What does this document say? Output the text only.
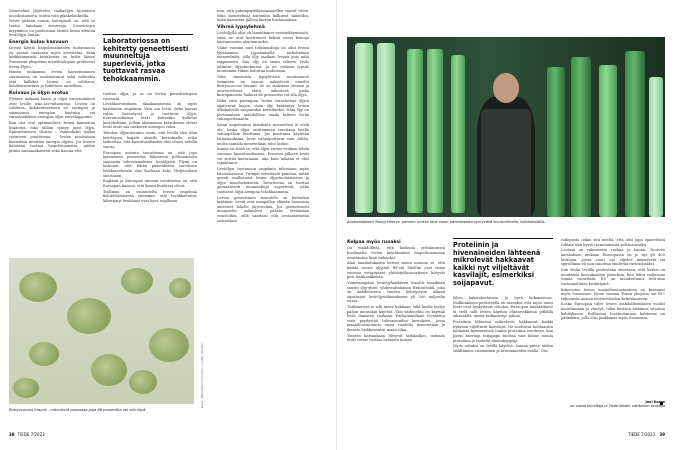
Menetelmä jäljittelee raakaöljyn luontaista muodostumista, mutta vain pikakelauksella.

Neste jatkoon suurin haittapuoli on, että se tuotta laimkaan sivutrtuja. Sivuvirtojen myyminen on puolestaan tärkeä keino alentaa levälöljyn hintaa.

Energia kuluu kasvuun

Levien käyttö biopolttoaineiden tuotannossa on saanut osakseen myös arvostelua. Erää kärkkäimmistä kriitikoista on britti läinen Swansean yliopiston merribiologian professori Kevin Flynn.

Hänen mukaansa levien kasvattaminen suurimassa on osoittautunut sekä vaikeaksi että kalliiksi. Levien on valittava, kohdentavattava ja tutkittava uudelleen.

Kuivaus ja öljyn erotus

Flynnin mukaan kasvu ja öljyn varastoiminen ovat leville joko–tai-valtiointoja. Levien on valittava, kohdentavattava ne auringon ja saamaansa energian kasvuun vai varastoidaksen energiaa öljyn rasvahappoina.

Kun olot ovat optimaaliset, levien kannattaa lisääntyä, eikä tällöin syntyy juuri öljyä. Epäsuotuisissa oloissa – esimerkiksi jonkin ravinteen puuttuessa – levien puolestaan kannattaa muuttaa energia öljyksi. Jos levistä halutaan tuottaa biopolttoainetta, niiden pitäisi samanaikaisesti sekä kasvaa että

Laboratoriossa on kehitetty geneettisesti muunneltuja superleviä, jotka tuottavat rasvaa tehokkaammin.

tuottaa öljyä, ja se on levien perusbiologian vastaista.

Levähkasvatuksen skaalaamisessa on myös käytännön ongelmia. Vain osa leviä, jotka kasvat valoa, lisääntyvät ja tuottavat öljyä. Kasvatusaltaissa levät kuitenkin kolluvat korroksittain, jolloin alimmaissa kerroksissa olevat levät eivät saa osakseen auringon valoa.

Tehokas öljyntuotanto vaatii, että levillä olisi tilaa levittäytyä laajalti ohuelle kerrokselle, mikä tarkoittaa, että kasvatusaltaiden olisi oltava todella suuria.

Euroopan unionin tavoitteena on, että jopa kymmenen prosenttia liikenteen polttoaineista saataisiin tulevaisuudessa leväöljystä. Flynn on laskenut, että tähän päästäkseen tarvittava leväkasvatusala olisi kooltaan koko Yhdysvaltain suuruinen.

Englanti ja Euroopan unionin tavoitteena on, että Euroopan kanava, että kaasu kuuluvat olivat.

Trollman on suunniteltu levien ongelmia kehitettämisessä enemmin, että levähkasvatus lähestynyt levähaasi ovat hyvä rajallinen.

Botryococcus braunii - mikroleviä pannassa jopa 86 prosenttia vai olla öljyä.
Kuva: Wikimedia Commons / public domain
38 TIEDE 7/2023

niin, että pahimpaplöhjammaisellen saavat valoa. Näin menetelmät kuitenkin kulkuvat säästöksi, mikä kasvattaa jälleen kerran kustannuksia.

Vihreä lypsylehmä

Leväöljyllä olisi oli lammitamet vastoinkäymisistä, vaan ne ovat koettaneet keksiä uusia keinoja kustannusten alentamiseksi.

Viime vuosina uusi tutkimuslinja on ollut levien lypsäminen. Lypsämisellä tarkoitetaan menetelmää, jolla öljy saadaan levistä pois niitä tappamatta. Kun öljy on saatu talteen, levät jatkavat öljyntuotantoa, ja ne voidaan lypsää muutaman viikon kuluttua uudestaan.

Näin saastoiata lypsylevistä muutamuun tuominen on saanut mikroleviä nimeltä Botryococcus braunii. Se on maksissa vesissä ja murtovedessä elävä mikrolevä, jonka kuivapainosta buikeat 86 prosenttia voi olla öljyä.

Mikä viiva parempaa, levien varastoituja öljytä sijaitsevat laajan, vaan öljy kerääntyy levien ulkokalvolle saajaavaksi kerrokseksi. Näin öljy on pertaaminen mahdollista saada talteen levää vahingoittamatta.

Aivan ongelmaton tämäkään menetelmä ei vielä ole, koska öljyn erottaminen tarvitaan leville vahingollisia liuottimia. Jos liuottimia käytetää laimennoksina, levät vahingoittuvat vain vähän, mutta samalla menetelmän teho laskee.

Ennen on siirtä se, että öljyn erotus voidaan tehdä suoraan kasvatusaltaassa. Prosessi jälkeen levät voi siirtää kasvamaan, niin kuin mikään ei olisi tapahtunut.

Leväöljyn tuotannon ongelmia tehostaan myös laboratoriossa. Tutkijat selvittävät pakotaa, mitkä geenit osallistuvat levien öljyntuottamiseen ja öljyn muodostukseen. Tavoitteena on tuottaa geenettisesti muunneltuja superleviä, jotka tuottavat öljyä aiempaa tehokkaammin.

Levien geneettinen muuntelu on kuitenkin kriitinen. Levät ovat maapallon elämän luomaisia ainesiset laholle järjestelmä. Jos geenettisesti muunneltu mikrolevä pääsisi leviämään vesistöihin, sillä saattaisi olla arvaamattomia seurauksia.	Australialainen Young Henrys -panimo ruokkii levä oluen panemisesta syntyvällä sivutuotteella, hiilidioksidilla.
Kelpaa myös ruoaksi

On mahdollista, että kaikesta yrittämisestä huolimatta levien käyttäminen biopolttoaineena osoittautuu liian vaikeaksi.

Alan haaskalukuista kertoo muun muassa se, että kaikki suuret öljyjätit BP:stä Shelliin ovat viime vuosina vetäytyneet yhteistyökonsortiosta liittyvät pois levähankkeista.

Viimeisimpänä leväöljyhankkeen ilmoitti maailman suurin öljy-yhtiö, yhdysvaltalainen ExxonMobil, joka on kahdentoista vuoden kehitystyön aikana sijoittanut leväöljytutkimukseen yli 300 miljardia euroa.

Tutkimustyö ei silti mene hukkaan, sillä leville löytyy paljon muutakin käyttöä. Yksi vaihtoehto on käyttää leviä ihmisten ruokana. Parhaimmillaan leväsänsa voisi pyydystää tulevaisuuden kerroksen, jossa maataloustuotanto vuosi vuodelta menetetään ja ilmasto heikkeneävät maan tilaa.

Toiseen katsaukaan liittyvät tarkkailijat, mukaan levät voivat tuottaa hetaasta koiran

Proteiinin ja hivenaineiden lähteenä mikrolevät hakkaavat kaikki nyt viljeltävät kasvilajit, esimerkiksi soijapavut.

lähes kaksinkertainen ja hyvä kokonaisuus. Mallinnuksen perusteella on raavaksi, että myös muut levät ovat tyydyttäviä rehuksi. Euroopan lainsäädäntö ei vielä salli levien käyttöä elintarvikkeina pitkällä aikavälillä, mutta tutkimustyö jatkuu.

Proteiinin lähteenä mikrolevät hakkaavat kaikki nykyisin viljeltävät kasvilajit. Ne tuottavat hehtaarilta kolmesta kymmenestä tonnia proteiinia vuodessa, kun paras kasvilaji soijapapu tuottaa vain kolme tonnia proteiinia ja tärkeitä aminohappoja.

Myös rehuksi on levillä käyttöä. Samaa pätee niiden sisältämien vitamiinien ja hivenaineiden osalta. Osa

tutkijoista onkin sitä mieltä, että olisi jopa epäeettistä tuhlata niin hyviä ravintoaineita polttoaineeksi.

Levästä on valmistettu ruokaa jo kauan. Tuoreen katsauksen mukaan Euroopassa on jo nyt yli 400 levälajia, joista suuri osa viljelee mikroleviä tai spiruliinaa eli niin sanottua sinilevää ravintolisäksi.

Kun Wolin levällä puolestaan oletetaan, että lisäksi on muutamia kasvukauden pituuksia, kun lähes miljoonaa tonnia vuosittain. EU on muodostunut levä-alan tuotannollinen keskittymä.

Kiinnostus levien maataloustuotantoon on kasvanut myös Suomessa. Viime vuonna Turun yliopisto sai EU-rahoitusta uusien levätuotteiden kehittämiseen.

Koska Euroopan tulee levien mahdollisuuksien vuoksi muuttumaan ja väistyä, tulisi kestävä tutkimus sitoutua kehitykseen. Erillisessä levätuotannon kohteena on päämäärä, jolla olisi paikkansa myös Suomessa.

Jani Kaaro
on vapaa toimittaja ja Tiede-lehden vakituinen avustaja
TIEDE 7/2023 39
